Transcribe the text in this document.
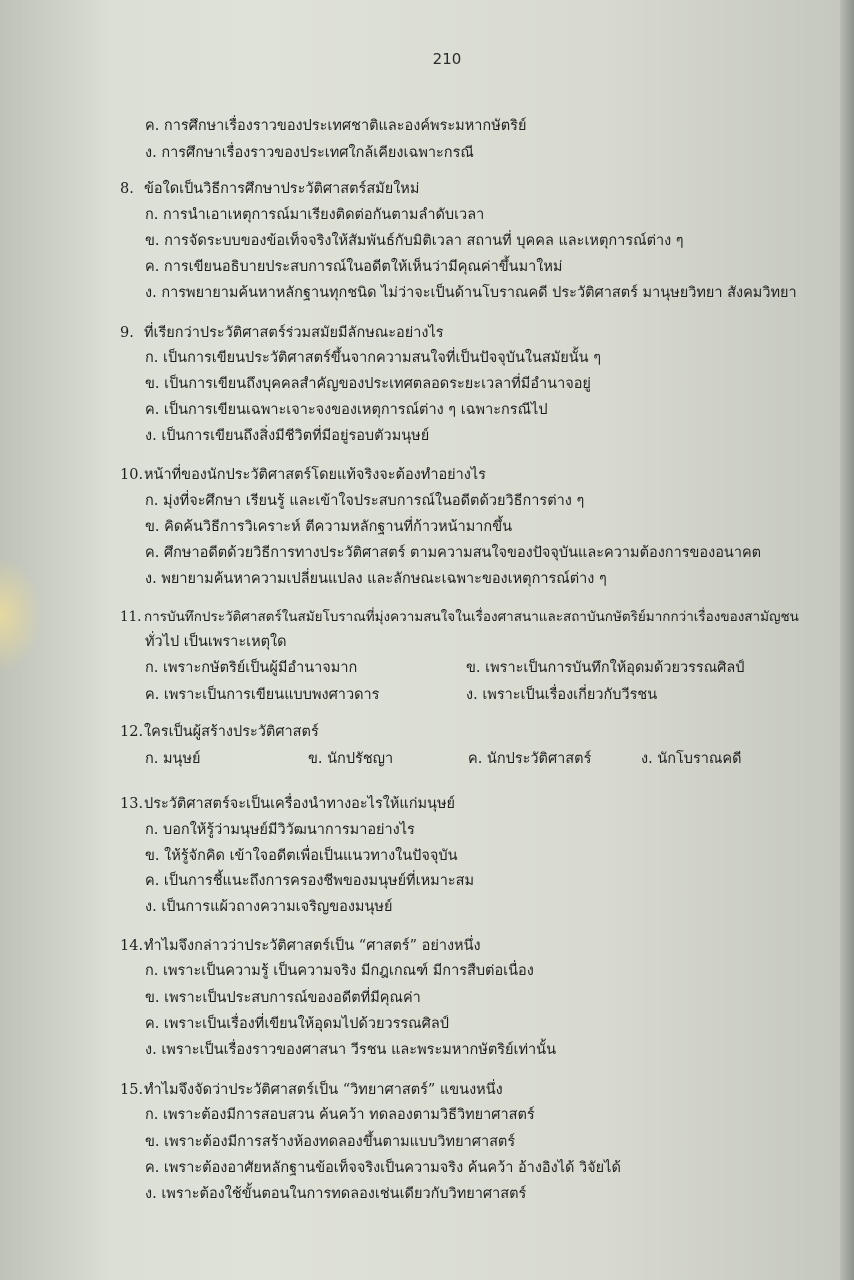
210
ค. การศึกษาเรื่องราวของประเทศชาติและองค์พระมหากษัตริย์
ง. การศึกษาเรื่องราวของประเทศใกล้เคียงเฉพาะกรณี
8. ข้อใดเป็นวิธีการศึกษาประวัติศาสตร์สมัยใหม่
ก. การนำเอาเหตุการณ์มาเรียงติดต่อกันตามลำดับเวลา
ข. การจัดระบบของข้อเท็จจริงให้สัมพันธ์กับมิติเวลา สถานที่ บุคคล และเหตุการณ์ต่าง ๆ
ค. การเขียนอธิบายประสบการณ์ในอดีตให้เห็นว่ามีคุณค่าขึ้นมาใหม่
ง. การพยายามค้นหาหลักฐานทุกชนิด ไม่ว่าจะเป็นด้านโบราณคดี ประวัติศาสตร์ มานุษยวิทยา สังคมวิทยา
9. ที่เรียกว่าประวัติศาสตร์ร่วมสมัยมีลักษณะอย่างไร
ก. เป็นการเขียนประวัติศาสตร์ขึ้นจากความสนใจที่เป็นปัจจุบันในสมัยนั้น ๆ
ข. เป็นการเขียนถึงบุคคลสำคัญของประเทศตลอดระยะเวลาที่มีอำนาจอยู่
ค. เป็นการเขียนเฉพาะเจาะจงของเหตุการณ์ต่าง ๆ เฉพาะกรณีไป
ง. เป็นการเขียนถึงสิ่งมีชีวิตที่มีอยู่รอบตัวมนุษย์
10.หน้าที่ของนักประวัติศาสตร์โดยแท้จริงจะต้องทำอย่างไร
ก. มุ่งที่จะศึกษา เรียนรู้ และเข้าใจประสบการณ์ในอดีตด้วยวิธีการต่าง ๆ
ข. คิดค้นวิธีการวิเคราะห์ ตีความหลักฐานที่ก้าวหน้ามากขึ้น
ค. ศึกษาอดีตด้วยวิธีการทางประวัติศาสตร์ ตามความสนใจของปัจจุบันและความต้องการของอนาคต
ง. พยายามค้นหาความเปลี่ยนแปลง และลักษณะเฉพาะของเหตุการณ์ต่าง ๆ
11. การบันทึกประวัติศาสตร์ในสมัยโบราณที่มุ่งความสนใจในเรื่องศาสนาและสถาบันกษัตริย์มากกว่าเรื่องของสามัญชน
ทั่วไป เป็นเพราะเหตุใด
ก. เพราะกษัตริย์เป็นผู้มีอำนาจมาก	ข. เพราะเป็นการบันทึกให้อุดมด้วยวรรณศิลป์
ค. เพราะเป็นการเขียนแบบพงศาวดาร	ง. เพราะเป็นเรื่องเกี่ยวกับวีรชน
12.ใครเป็นผู้สร้างประวัติศาสตร์
ก. มนุษย์	ข. นักปรัชญา	ค. นักประวัติศาสตร์	ง. นักโบราณคดี
13.ประวัติศาสตร์จะเป็นเครื่องนำทางอะไรให้แก่มนุษย์
ก. บอกให้รู้ว่ามนุษย์มีวิวัฒนาการมาอย่างไร
ข. ให้รู้จักคิด เข้าใจอดีตเพื่อเป็นแนวทางในปัจจุบัน
ค. เป็นการชี้แนะถึงการครองชีพของมนุษย์ที่เหมาะสม
ง. เป็นการแผ้วถางความเจริญของมนุษย์
14.ทำไมจึงกล่าวว่าประวัติศาสตร์เป็น “ศาสตร์” อย่างหนึ่ง
ก. เพราะเป็นความรู้ เป็นความจริง มีกฎเกณฑ์ มีการสืบต่อเนื่อง
ข. เพราะเป็นประสบการณ์ของอดีตที่มีคุณค่า
ค. เพราะเป็นเรื่องที่เขียนให้อุดมไปด้วยวรรณศิลป์
ง. เพราะเป็นเรื่องราวของศาสนา วีรชน และพระมหากษัตริย์เท่านั้น
15.ทำไมจึงจัดว่าประวัติศาสตร์เป็น “วิทยาศาสตร์” แขนงหนึ่ง
ก. เพราะต้องมีการสอบสวน ค้นคว้า ทดลองตามวิธีวิทยาศาสตร์
ข. เพราะต้องมีการสร้างห้องทดลองขึ้นตามแบบวิทยาศาสตร์
ค. เพราะต้องอาศัยหลักฐานข้อเท็จจริงเป็นความจริง ค้นคว้า อ้างอิงได้ วิจัยได้
ง. เพราะต้องใช้ขั้นตอนในการทดลองเช่นเดียวกับวิทยาศาสตร์
